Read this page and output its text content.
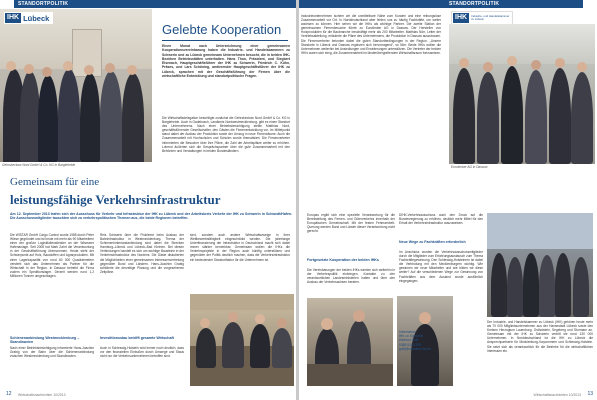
STANDORTPOLITIK
IHK Lübeck
Gehrsbeckow Nord GmbH & Co. KG in Bargteheide
Gelebte Kooperation
Einen Monat nach Unterzeichnung einer gemeinsamen Kooperationsvereinbarung haben die Industrie- und Handelskammern zu Schwerin und zu Lübeck gemeinsam Unternehmen besucht, die in beiden IHK-Bezirken Betriebsstätten unterhalten. Hans Thon, Präsident, und Siegbert Eisenach, Hauptgeschäftsführer der IHK zu Schwerin, Friedrich C. Kühn, Präses, und Lars Schöning, amtierender Hauptgeschäftsführer der IHK zu Lübeck, sprachen mit der Geschäftsführung der Firmen über die wirtschaftliche Entwicklung und standortpolitische Fragen.
Die Wirtschaftsdelegation besichtigte zunächst die Gehrsbeckow Nord GmbH & Co. KG in Bargteheide. Auch in Gadebusch, Landkreis Nordwestmecklenburg, gibt es einen Standort des Unternehmens. Nach einer Betriebsbesichtigung stellte Matthias Nord, geschäftsführender Gesellschafter, den Gästen die Firmenentwicklung vor. Im Mittelpunkt stand dabei der Ausbau der Produktion sowie der Umzug in neue Firmenräume. Auch die Zusammenarbeit mit Hochschulen und Schulen wurde thematisiert. Die Firmenvertreter informierten die Besucher über ihre Pläne, die Zahl der Arbeitsplätze weiter zu erhöhen. Lobend äußerten sich die Gesprächspartner über die gute Zusammenarbeit mit den Behörden und Verwaltungen in beiden Bundesländern.
Gemeinsam für eine
leistungsfähige Verkehrsinfrastruktur
Am 12. September 2013 trafen sich der Ausschuss für Verkehr und Infrastruktur der IHK zu Lübeck und der Arbeitskreis Verkehr der IHK zu Schwerin in Schwedt/Hafen. Die Ausschussmitglieder tauschten sich zu verkehrspolitischen Themen aus, die beide Regionen betreffen.
Die WISTAR GmbH Cargo Control wurde 1988 durch Peter Wiese gegründet und ist heute mit mehr als 90 Mitarbeitern einer der großen Logistikdienstleister an der Wismarer Hafenanlage. Seit 2008 hat Mark Zahrt die Verantwortung in der Geschäftsführung übernommen. Heute steht der Schwerpunkt auf Holz, Baustoffen und Agrarprodukten. Mit einer Lagerkapazität von rund 60 000 Quadratmetern versteht sich das Unternehmen als Partner für die Wirtschaft in der Region. In Dassow betreibt die Firma zudem ein Speditionslager. Derzeit werden rund 1,2 Millionen Tonnen umgeschlagen.
Schienenanbindung Westmecklenburg – Skandinavien
Nach einer Betriebsbesichtigung informierte Hans-Joachim Grabig von der Bahn über die Schienenanbindung zwischen Westmecklenburg und Skandinavien.
Reis Schwerin über die Probleme beim Ausbau der Bahninfrastruktur in Westmecklenburg. Thema der Schienenhinterlandanbindung sind dabei die Strecken Hamburg–Lübeck und Lübeck–Bad Kleinen. Bei diesen Verbindungen handelt es sich um wichtige Bausteine in der Verkehrsinfrastruktur des Nordens. Die Gäste diskutierten die Möglichkeiten einer gemeinsamen Interessenvertretung gegenüber Bund und Ländern. Hans-Joachim Grabig schilderte die derzeitige Planung und die vorgesehenen Zeitpläne.
Investitionsstau betrifft gesamte Wirtschaft
Auch in Schleswig-Holstein wird immer noch deutlich, dass vor den finanziellen Einbußen durch Umwege und Staus nicht nur die Verkehrsunternehmen betroffen sind.
sind, sondern auch andere Wirtschaftszweige in ihrer Wettbewerbsfähigkeit eingeschränkt werden. Die jahrelange Unterfinanzierung der Infrastruktur in Deutschland macht sich dabei immer stärker bemerkbar. Gemeinsam wollen die IHKs die Verkehrsprojekte in der Region auch künftig unterstützen und gegenüber der Politik deutlich machen, dass die Verkehrsinfrastruktur ein bedeutender Standortfaktor für die Unternehmen ist.
12 Wirtschaftsnachrichten 10/2013
STANDORTPOLITIK
Industrieunternehmen sichern wir die unmittelbare Nähe zum Kunden und eine reibungslose Zusammenarbeit vor Ort. In Norddeutschland aber fehlen uns zu häufig Fachkräfte, um weiter wachsen zu können. Hier sehen wir die IHKs als wichtige Partner. Die zweite Station der gemeinsamen Firmenbesuche führte zu Eurotimber AG in Dassow. Der Hersteller von Holzprodukten für die Baubranche beschäftigt mehr als 200 Mitarbeiter. Matthias Nörr, Leiter der Vertriebsabteilung, erläuterte die Pläne des Unternehmens, die Produktion in Dassow auszubauen. Die Firmenvertreter betonten dabei die guten Standortbedingungen in der Region. „Unsere Standorte in Lübeck und Dassow ergänzen sich hervorragend“, so Nörr. Beide IHKs wollen die Unternehmen weiterhin bei Ansiedlungen und Erweiterungen unterstützen. Die Vertreter der beiden IHKs waren sich einig, die Zusammenarbeit im länderübergreifenden Wirtschaftsraum fortzusetzen.
IHK	Industrie- und Handelskammer zu Lübeck
Eurotimber AG in Dassow
Europas ergibt sich eine spezielle Verantwortung für die Bereitstellung des Fernen- und Güterverkehrs innerhalb der Europäischen Gemeinschaft. Mit der festen Fehmarnbelt-Querung werden Bund und Länder dieser Verantwortung nicht gerecht.
Fortgesetzte Kooperation der beiden IHKs
Die Vereinbarungen der beiden IHKs werden sich weiterhin in der Verkehrspolitik einbringen. Kontakte zu den verantwortlichen Landesministerien halten und über den Ausbau der Verkehrsachsen beraten.
DIHK-Verkehrsausschuss auch den Druck auf die Bundesregierung zu erhöhen, deutlich mehr Mittel für den Erhalt der Verkehrsinfrastruktur auszuweisen.
Neue Wege zu Fachkräften erforderlich
Im Anschluss wurden die Verkehrsausschussmitglieder durch die Mitglieder zum Erfahrungsaustausch zum Thema Fachkräftegewinnung. Den Schleswig-Holsteinern ist dabei die Verbindung mit den Mecklenburgern wichtig. Wie gewinnen wir neue Mitarbeiter und wie bilden wir diese weiter? Auf die verschiedenen Wege zur Gewinnung von Fachkräften aus dem Ausland wurde ausführlich eingegangen.
Information:
IHK zu Schwerin
Hartmut Gulli
0385 5103-209
gulli@schwerin.ihk.de
Der Industrie- und Handelskammer zu Lübeck (IHK) gehören heute mehr als 70 000 Mitgliedsunternehmen aus der Hansestadt Lübeck sowie den Kreisen Herzogtum Lauenburg, Ostholstein, Segeberg und Stormarn an. Gemeinsam mit der IHK zu Schwerin vertritt sie rund 130 000 Unternehmen. In Norddeutschland ist die IHK zu Lübeck die Ansprechpartnerin für Mecklenburg-Vorpommern und Schleswig-Holstein. Sie setzt sich als verantwortlich für die Betriebe für die wirtschaftlichen Interessen ein.
Wirtschaftsnachrichten 10/2013 13
